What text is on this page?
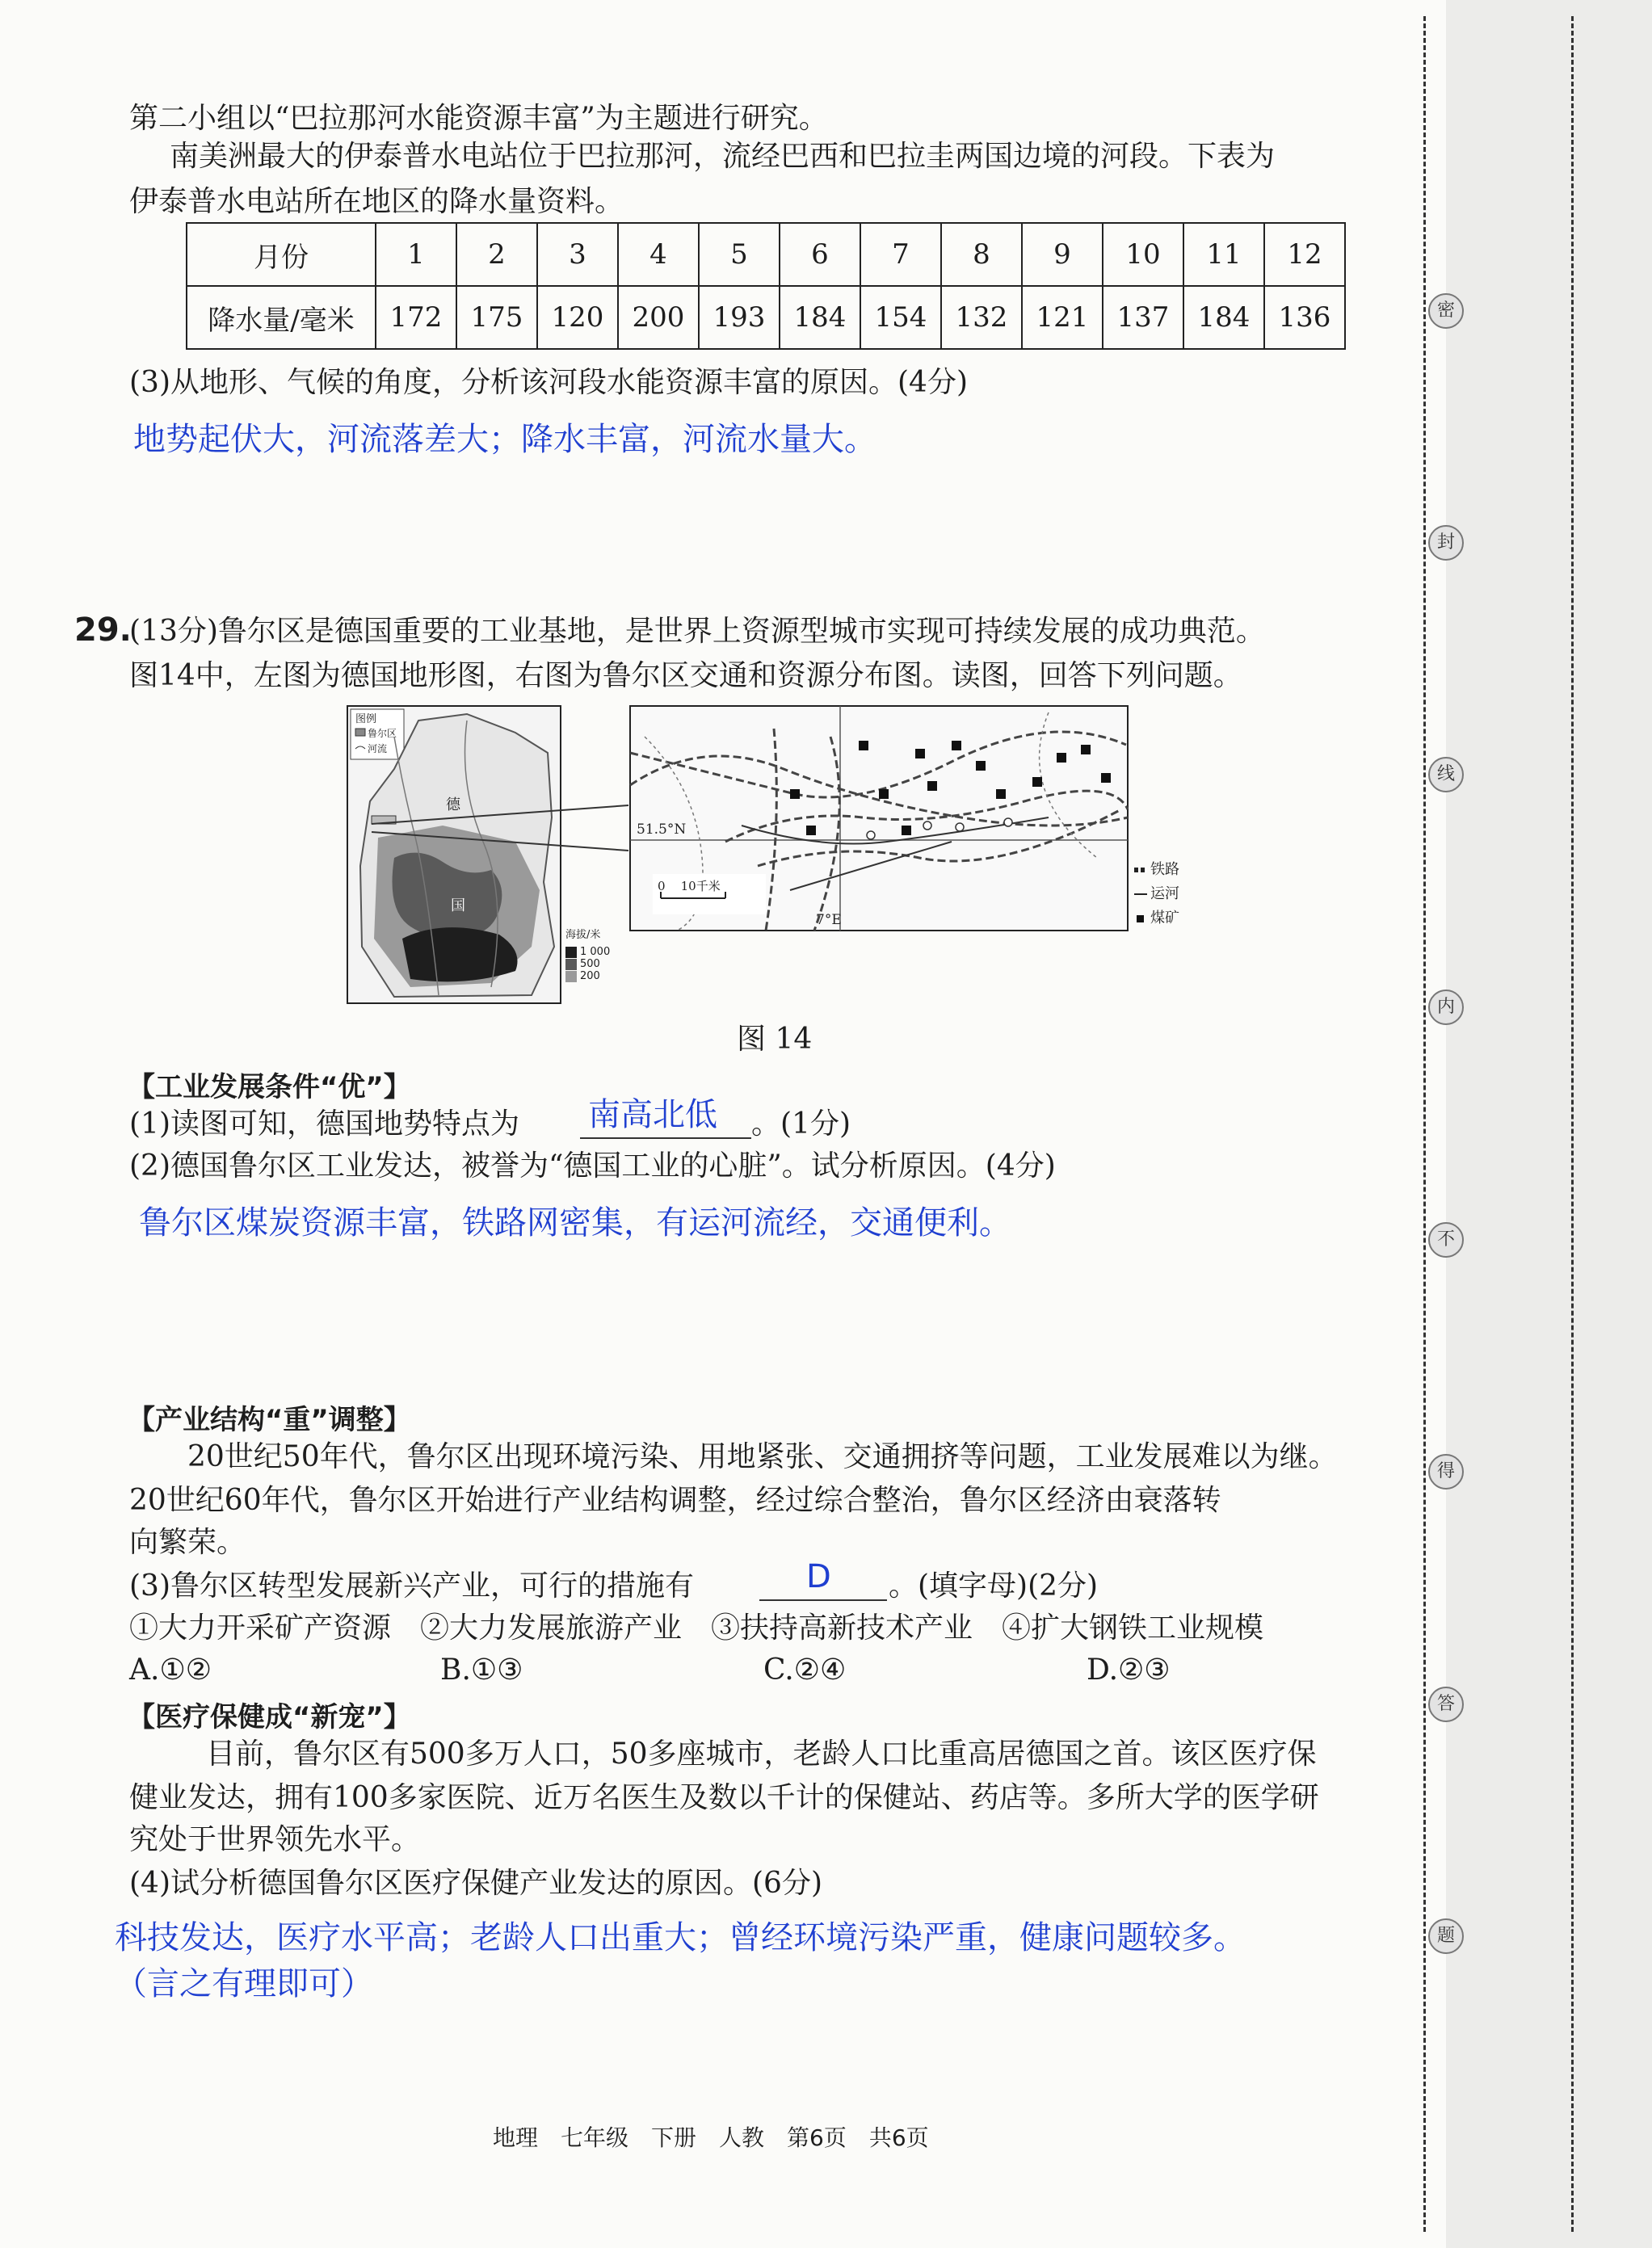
密
封
线
内
不
得
答
题
第二小组以“巴拉那河水能资源丰富”为主题进行研究。
南美洲最大的伊泰普水电站位于巴拉那河，流经巴西和巴拉圭两国边境的河段。下表为
伊泰普水电站所在地区的降水量资料。
月份	1	2	3	4	5	6	7	8	9	10	11	12
降水量/毫米	172	175	120	200	193	184	154	132	121	137	184	136
(3)从地形、气候的角度，分析该河段水能资源丰富的原因。(4分)
地势起伏大，河流落差大；降水丰富，河流水量大。
29.
(13分)鲁尔区是德国重要的工业基地，是世界上资源型城市实现可持续发展的成功典范。
图14中，左图为德国地形图，右图为鲁尔区交通和资源分布图。读图，回答下列问题。
图例
鲁尔区
河流
德
国
海拔/米
1 000
500
200
51.5°N
7°E
0    10千米
铁路
运河
煤矿
图 14
【工业发展条件“优”】
(1)读图可知，德国地势特点为 南高北低 。(1分)
(2)德国鲁尔区工业发达，被誉为“德国工业的心脏”。试分析原因。(4分)
鲁尔区煤炭资源丰富，铁路网密集，有运河流经，交通便利。
【产业结构“重”调整】
20世纪50年代，鲁尔区出现环境污染、用地紧张、交通拥挤等问题，工业发展难以为继。
20世纪60年代，鲁尔区开始进行产业结构调整，经过综合整治，鲁尔区经济由衰落转
向繁荣。
(3)鲁尔区转型发展新兴产业，可行的措施有	D 。(填字母)(2分)
①大力开采矿产资源　②大力发展旅游产业　③扶持高新技术产业　④扩大钢铁工业规模
A.①②	B.①③	C.②④	D.②③
【医疗保健成“新宠”】
目前，鲁尔区有500多万人口，50多座城市，老龄人口比重高居德国之首。该区医疗保
健业发达，拥有100多家医院、近万名医生及数以千计的保健站、药店等。多所大学的医学研
究处于世界领先水平。
(4)试分析德国鲁尔区医疗保健产业发达的原因。(6分)
科技发达，医疗水平高；老龄人口出重大；曾经环境污染严重，健康问题较多。
（言之有理即可）
地理　七年级　下册　人教　第6页　共6页
